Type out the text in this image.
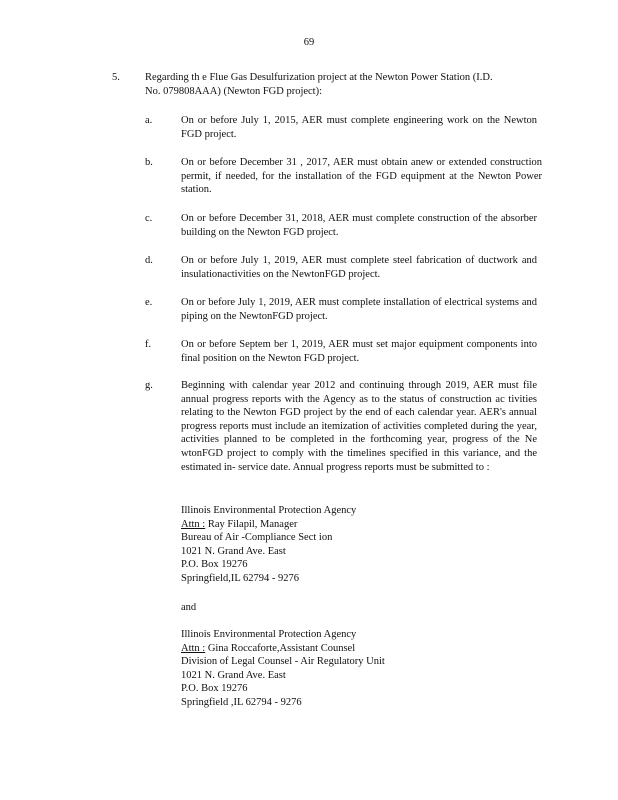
69
5. Regarding th e Flue Gas Desulfurization project at the Newton Power Station (I.D.
No. 079808AAA) (Newton FGD project):
a.	On or before July 1, 2015, AER must complete engineering work on the Newton FGD project.
b.	On or before December 31 , 2017, AER must obtain anew or extended construction permit, if needed, for the installation of the FGD equipment at the Newton Power station.
c.	On or before December 31, 2018, AER must complete construction of the absorber building on the Newton FGD project.
d.	On or before July 1, 2019, AER must complete steel fabrication of ductwork and insulationactivities on the NewtonFGD project.
e.	On or before July 1, 2019, AER must complete installation of electrical systems and piping on the NewtonFGD project.
f.	On or before Septem ber 1, 2019, AER must set major equipment components into final position on the Newton FGD project.
g.	Beginning with calendar year 2012 and continuing through 2019, AER must file annual progress reports with the Agency as to the status of construction ac tivities relating to the Newton FGD project by the end of each calendar year. AER's annual progress reports must include an itemization of activities completed during the year, activities planned to be completed in the forthcoming year, progress of the Ne wtonFGD project to comply with the timelines specified in this variance, and the estimated in- service date. Annual progress reports must be submitted to :
Illinois Environmental Protection Agency
Attn : Ray Filapil, Manager
Bureau of Air -Compliance Sect ion
1021 N. Grand Ave. East
P.O. Box 19276
Springfield,IL 62794 - 9276
and
Illinois Environmental Protection Agency
Attn : Gina Roccaforte,Assistant Counsel
Division of Legal Counsel - Air Regulatory Unit
1021 N. Grand Ave. East
P.O. Box 19276
Springfield ,IL 62794 - 9276
